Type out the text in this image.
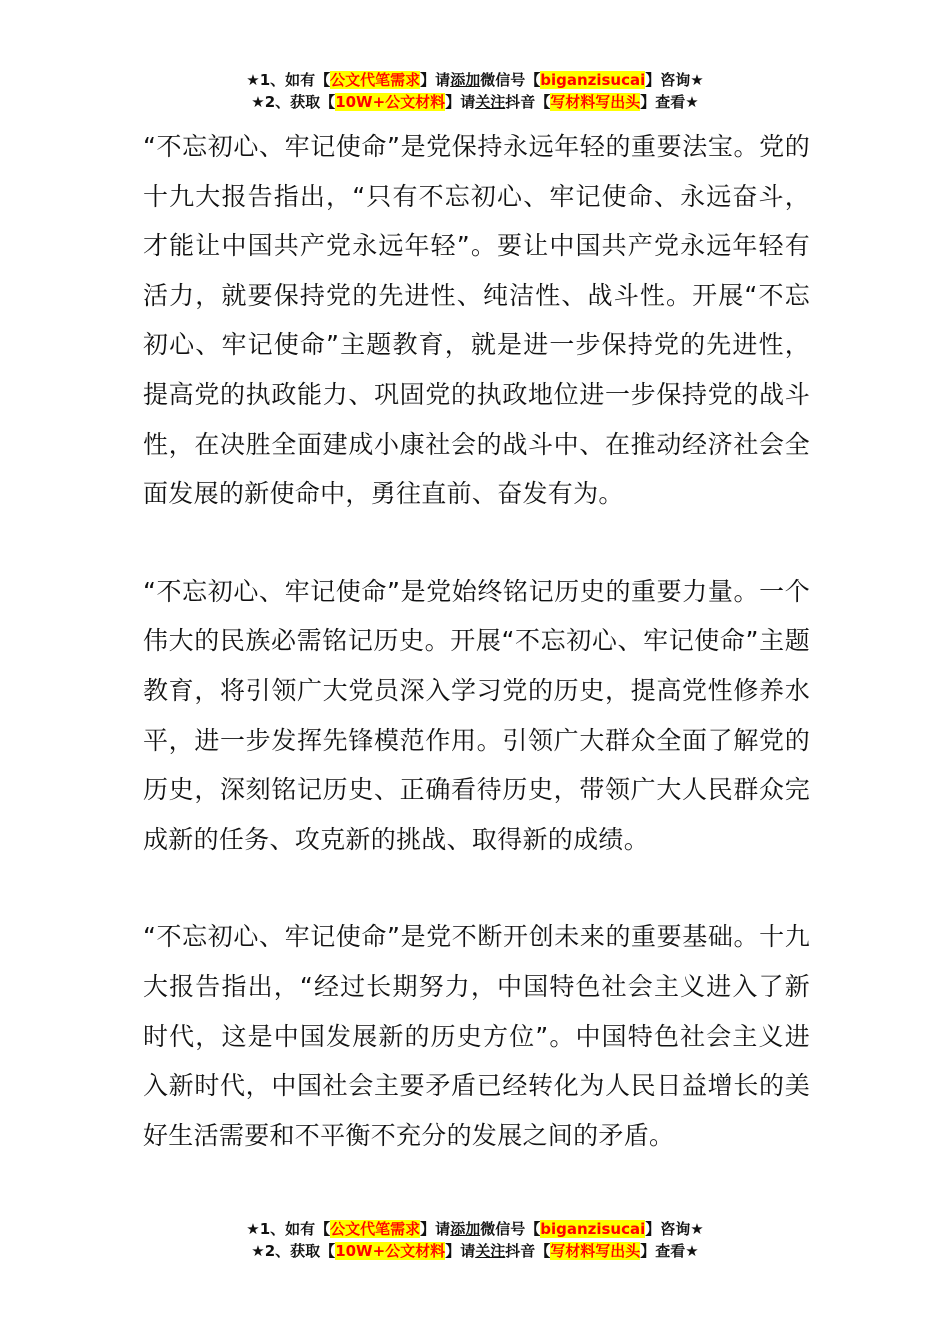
★1、如有【公文代笔需求】请添加微信号【biganzisucai】咨询★
★2、获取【10W+公文材料】请关注抖音【写材料写出头】查看★

“不忘初心、牢记使命”是党保持永远年轻的重要法宝。党的十九大报告指出，“只有不忘初心、牢记使命、永远奋斗，才能让中国共产党永远年轻”。要让中国共产党永远年轻有活力，就要保持党的先进性、纯洁性、战斗性。开展“不忘初心、牢记使命”主题教育，就是进一步保持党的先进性，提高党的执政能力、巩固党的执政地位进一步保持党的战斗性，在决胜全面建成小康社会的战斗中、在推动经济社会全面发展的新使命中，勇往直前、奋发有为。

“不忘初心、牢记使命”是党始终铭记历史的重要力量。一个伟大的民族必需铭记历史。开展“不忘初心、牢记使命”主题教育，将引领广大党员深入学习党的历史，提高党性修养水平，进一步发挥先锋模范作用。引领广大群众全面了解党的历史，深刻铭记历史、正确看待历史，带领广大人民群众完成新的任务、攻克新的挑战、取得新的成绩。

“不忘初心、牢记使命”是党不断开创未来的重要基础。十九大报告指出，“经过长期努力，中国特色社会主义进入了新时代，这是中国发展新的历史方位”。中国特色社会主义进入新时代，中国社会主要矛盾已经转化为人民日益增长的美好生活需要和不平衡不充分的发展之间的矛盾。

★1、如有【公文代笔需求】请添加微信号【biganzisucai】咨询★
★2、获取【10W+公文材料】请关注抖音【写材料写出头】查看★
